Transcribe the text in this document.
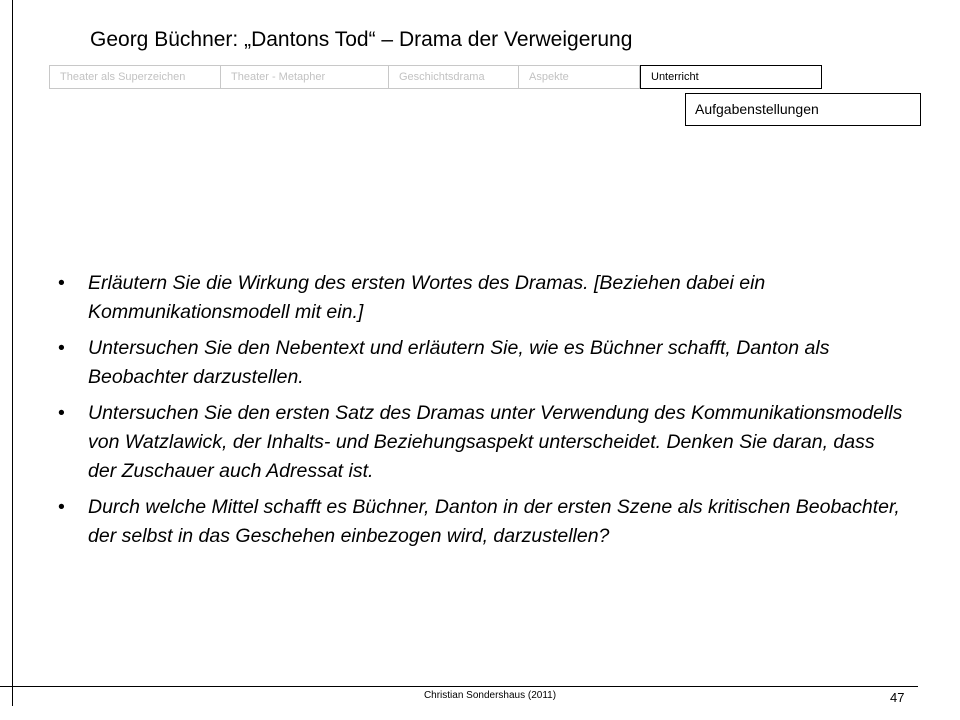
Georg Büchner: „Dantons Tod“ – Drama der Verweigerung
Theater als Superzeichen	Theater - Metapher	Geschichtsdrama	Aspekte	Unterricht
Aufgabenstellungen
• Erläutern Sie die Wirkung des ersten Wortes des Dramas. [Beziehen dabei ein Kommunikationsmodell mit ein.]
• Untersuchen Sie den Nebentext und erläutern Sie, wie es Büchner schafft, Danton als Beobachter darzustellen.
• Untersuchen Sie den ersten Satz des Dramas unter Verwendung des Kommunikationsmodells von Watzlawick, der Inhalts- und Beziehungsaspekt unterscheidet. Denken Sie daran, dass der Zuschauer auch Adressat ist.
• Durch welche Mittel schafft es Büchner, Danton in der ersten Szene als kritischen Beobachter, der selbst in das Geschehen einbezogen wird, darzustellen?
Christian Sondershaus (2011)	47
